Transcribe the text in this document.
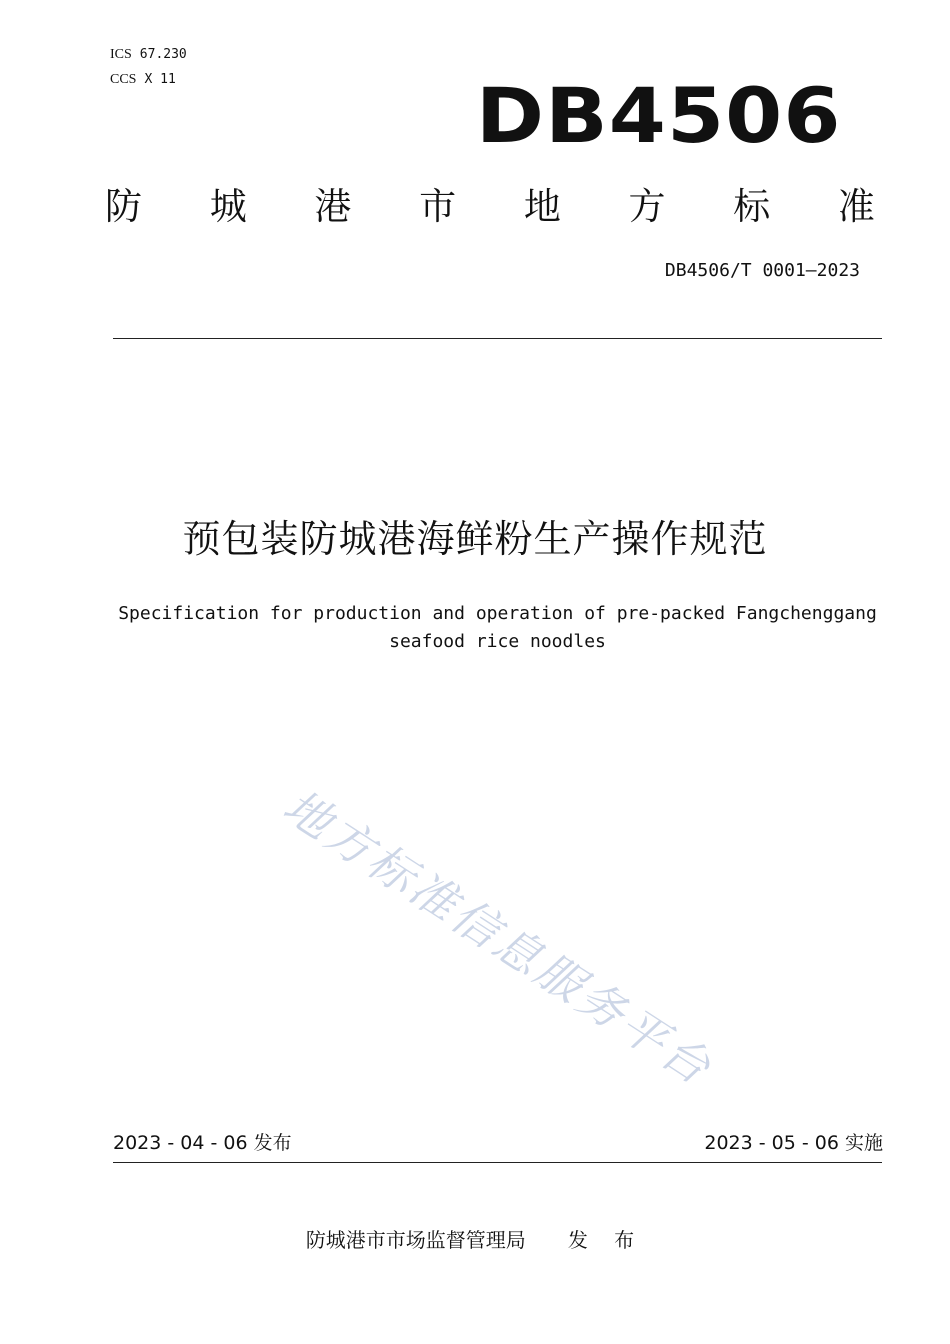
ICS 67.230
CCS X 11	DB4506
防 城 港 市 地 方 标 准
DB4506/T 0001—2023
预包装防城港海鲜粉生产操作规范
Specification for production and operation of pre-packed Fangchenggang
seafood rice noodles
地方标准信息服务平台
2023 - 04 - 06 发布	2023 - 05 - 06 实施
防城港市市场监督管理局 发 布
